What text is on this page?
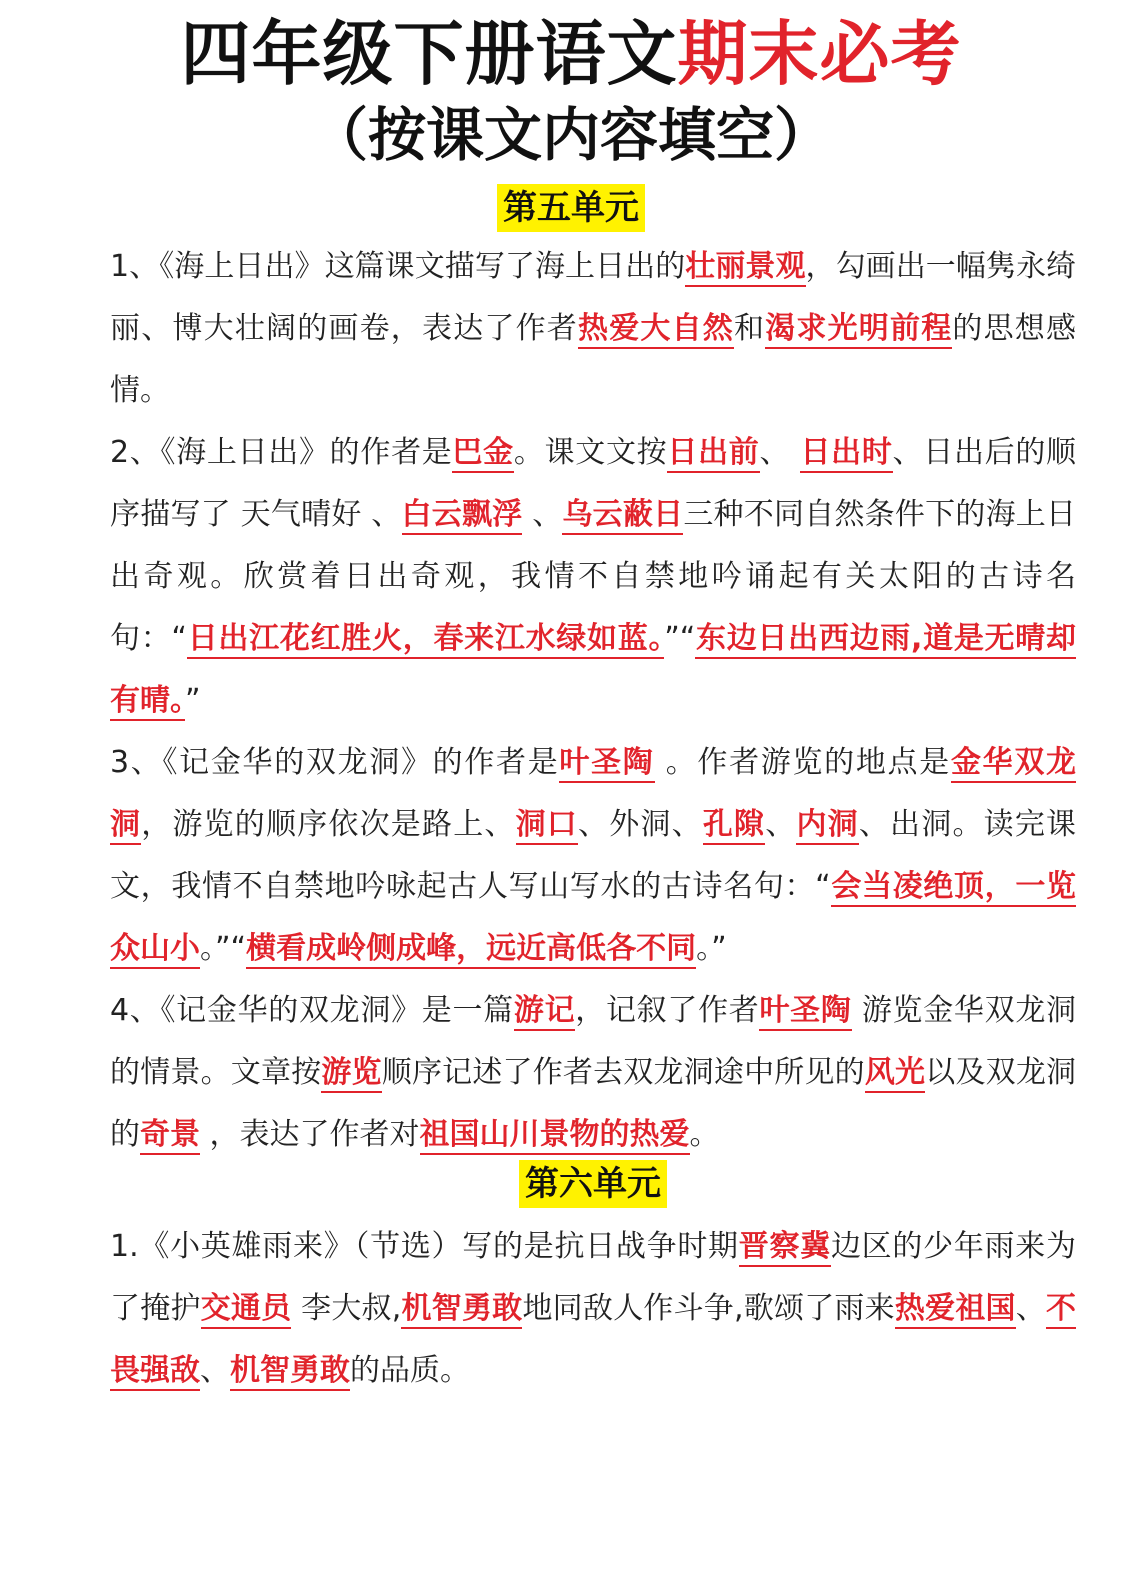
四年级下册语文期末必考
（按课文内容填空）
第五单元
1、《海上日出》这篇课文描写了海上日出的壮丽景观，勾画出一幅隽永绮丽、博大壮阔的画卷，表达了作者热爱大自然和渴求光明前程的思想感情。
2、《海上日出》的作者是巴金。课文文按日出前、 日出时、日出后的顺序描写了 天气晴好 、白云飘浮 、乌云蔽日三种不同自然条件下的海上日出奇观。欣赏着日出奇观，我情不自禁地吟诵起有关太阳的古诗名句：“日出江花红胜火，春来江水绿如蓝。”“东边日出西边雨,道是无晴却有晴。”
3、《记金华的双龙洞》的作者是叶圣陶 。作者游览的地点是金华双龙洞，游览的顺序依次是路上、洞口、外洞、孔隙、内洞、出洞。读完课文，我情不自禁地吟咏起古人写山写水的古诗名句：“会当凌绝顶，一览众山小。”“横看成岭侧成峰，远近高低各不同。”
4、《记金华的双龙洞》是一篇游记，记叙了作者叶圣陶 游览金华双龙洞的情景。文章按游览顺序记述了作者去双龙洞途中所见的风光以及双龙洞的奇景 ，表达了作者对祖国山川景物的热爱。
第六单元
1.《小英雄雨来》（节选）写的是抗日战争时期晋察冀边区的少年雨来为了掩护交通员 李大叔,机智勇敢地同敌人作斗争,歌颂了雨来热爱祖国、不畏强敌、机智勇敢的品质。
